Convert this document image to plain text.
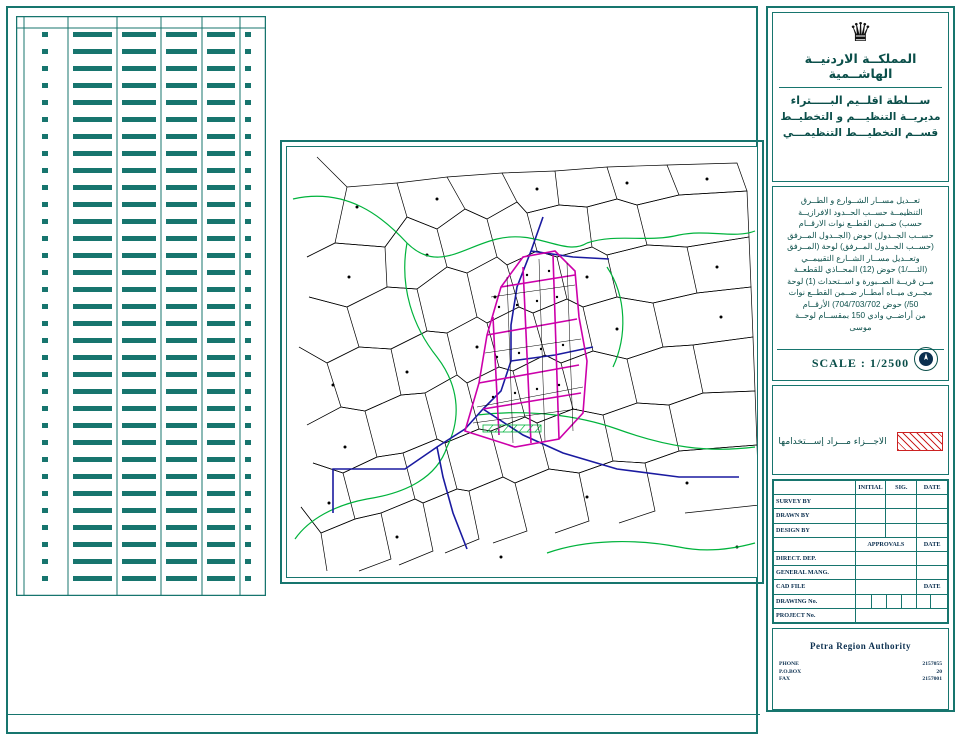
♛
المملكــة الاردنيــة الهاشــمية
ســـلطة اقلــيم البـــــتراء
مديريــة التنظيـــم و التخطيــط
قســم التخطيـــط التنظيمـــي
تعــديل مســار الشــوارع و الطــرق
التنظيمــة حســب الحــدود الافرازيــة
حسب) ضــمن القطــع نوات الارقــام
حســب الجــدول) حوض (الجــدول المــرفق
(حســب الجــدول المــرفق) لوحة (المــرفق
وتعــديل مســار الشــارع التقييمــي
(الئــــ/1) حوض (12) المحــاذي للقطعــة
مــن قريــة الصــبورة و اســتحداث (1) لوحة
مجــرى ميــاه أمطــار ضــمن القطــع نوات
50/) حوض 704/703/702) الأرقــام
من أراضــي وادي 150 بمقســام لوحــة
موسى
SCALE : 1/2500
الاجـــزاء مـــراد إســـتخدامها
	INITIAL	SIG.	DATE
SURVEY BY			
DRAWN BY			
DESIGN BY			
	APPROVALS		DATE
DIRECT. DEP.			
GENERAL MANG.			
CAD FILE			DATE
DRAWING No.			

PROJECT No.			
Petra Region Authority
PHONE	2157055
P.O.BOX	20
FAX	2157001
